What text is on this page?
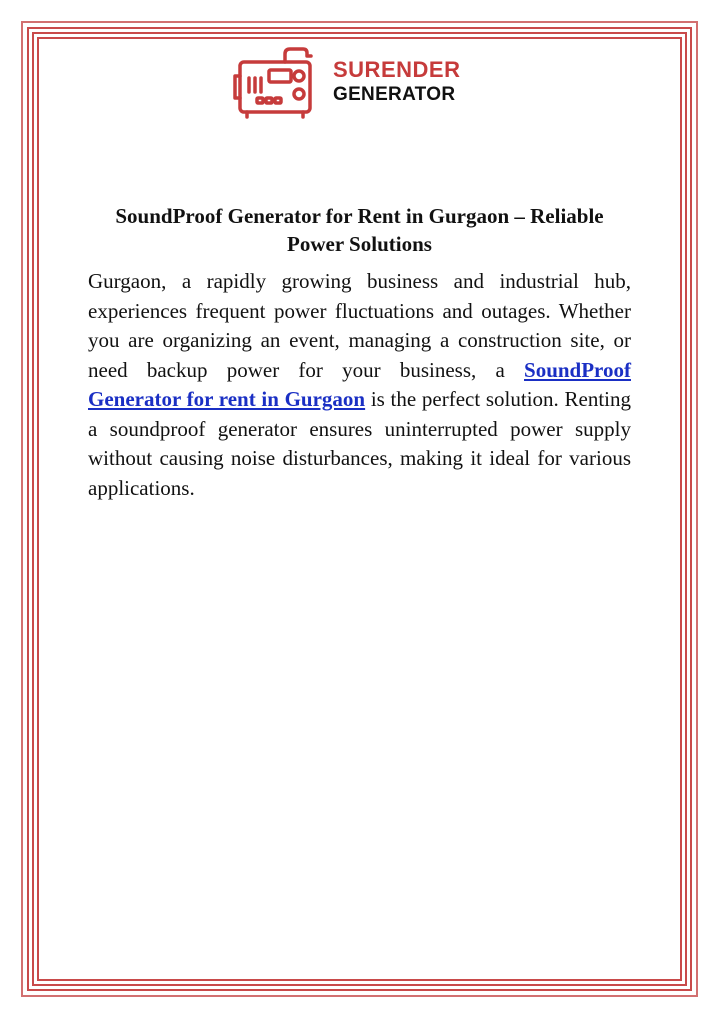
SURENDER
GENERATOR
SoundProof Generator for Rent in Gurgaon – Reliable Power Solutions

Gurgaon, a rapidly growing business and industrial hub, experiences frequent power fluctuations and outages. Whether you are organizing an event, managing a construction site, or need backup power for your business, a SoundProof Generator for rent in Gurgaon is the perfect solution. Renting a soundproof generator ensures uninterrupted power supply without causing noise disturbances, making it ideal for various applications.
